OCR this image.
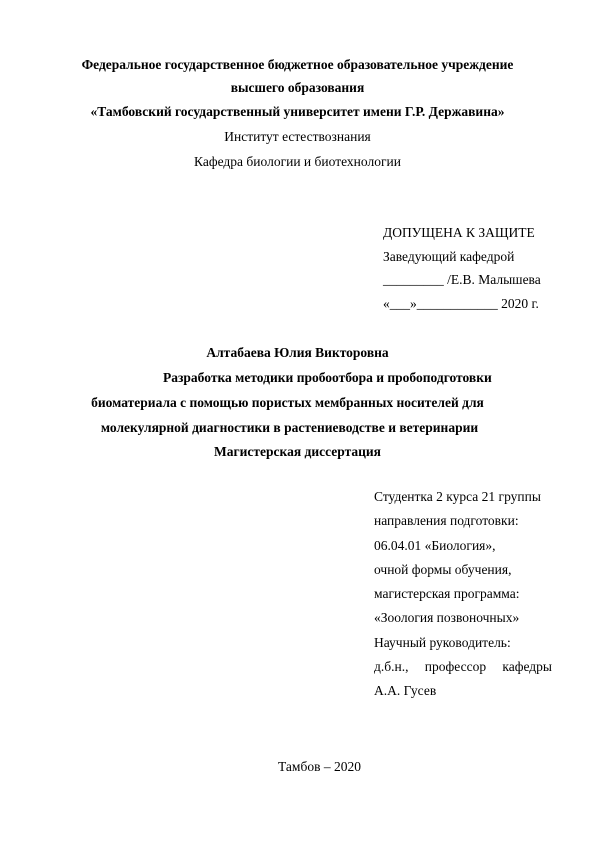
Федеральное государственное бюджетное образовательное учреждение
высшего образования
«Тамбовский государственный университет имени Г.Р. Державина»
Институт естествознания
Кафедра биологии и биотехнологии
ДОПУЩЕНА К ЗАЩИТЕ
Заведующий кафедрой
_________ /Е.В. Малышева
«___»____________ 2020 г.
Алтабаева Юлия Викторовна
Разработка методики пробоотбора и пробоподготовки
биоматериала с помощью пористых мембранных носителей для
молекулярной диагностики в растениеводстве и ветеринарии
Магистерская диссертация
Студентка 2 курса 21 группы
направления подготовки:
06.04.01 «Биология»,
очной формы обучения,
магистерская программа:
«Зоология позвоночных»
Научный руководитель:
д.б.н., профессор кафедры
А.А. Гусев
Тамбов – 2020
